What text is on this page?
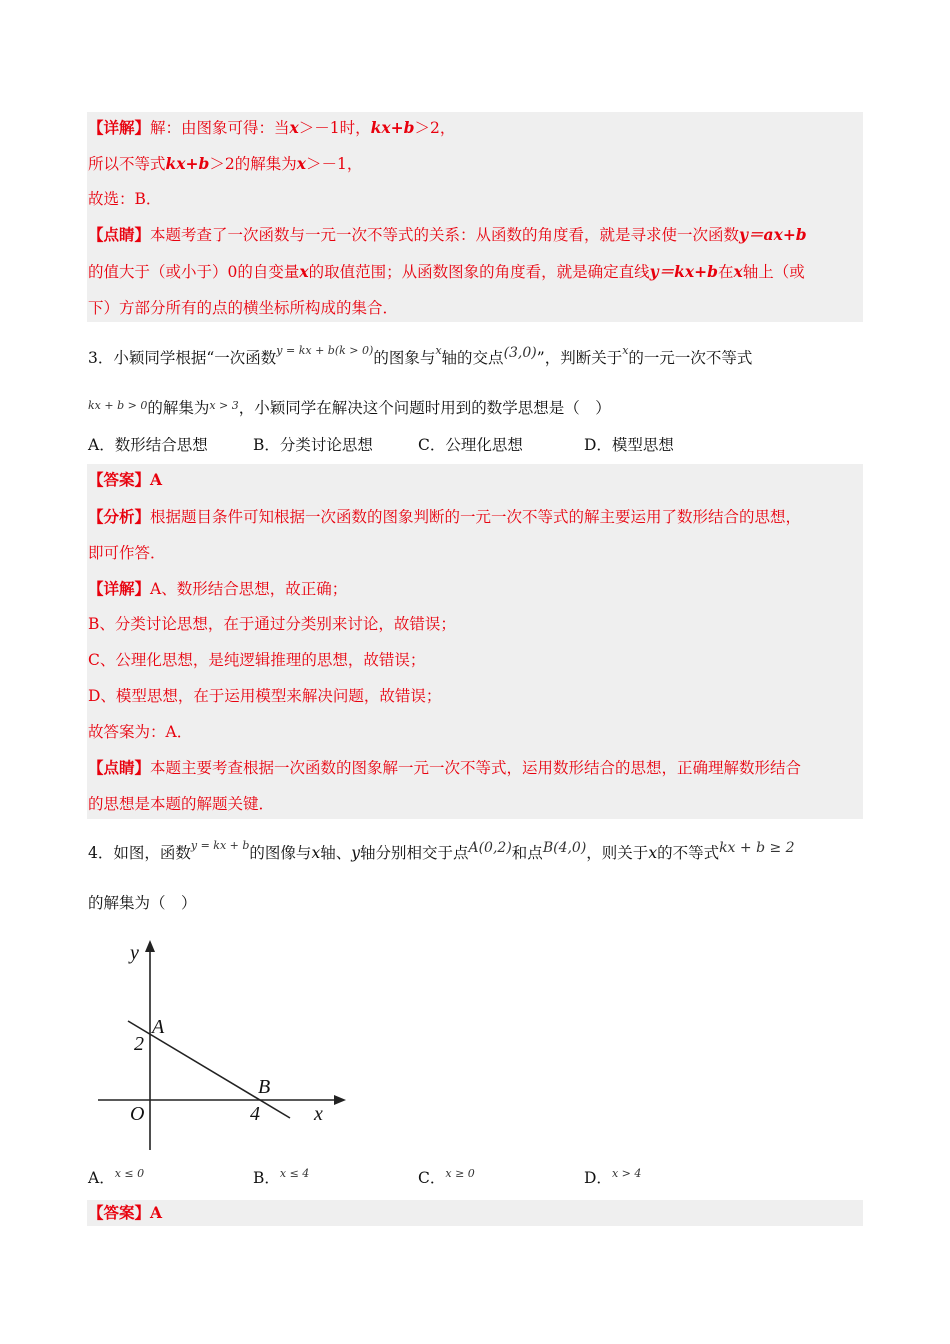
【详解】解：由图象可得：当x＞－1时，kx+b＞2，
所以不等式kx+b＞2的解集为x＞－1，
故选：B．
【点睛】本题考查了一次函数与一元一次不等式的关系：从函数的角度看，就是寻求使一次函数y＝ax+b
的值大于（或小于）0的自变量x的取值范围；从函数图象的角度看，就是确定直线y＝kx+b在x轴上（或
下）方部分所有的点的横坐标所构成的集合．
3．小颖同学根据“一次函数$^{y = kx + b(k > 0)}$的图象与$^x$轴的交点(3,0)”，判断关于$^x$的一元一次不等式
$^{kx + b > 0}$的解集为$^{x > 3}$，小颖同学在解决这个问题时用到的数学思想是（　）
A．数形结合思想	B．分类讨论思想	C．公理化思想	D．模型思想
【答案】A
【分析】根据题目条件可知根据一次函数的图象判断的一元一次不等式的解主要运用了数形结合的思想，
即可作答．
【详解】A、数形结合思想，故正确；
B、分类讨论思想，在于通过分类别来讨论，故错误；
C、公理化思想，是纯逻辑推理的思想，故错误；
D、模型思想，在于运用模型来解决问题，故错误；
故答案为：A．
【点睛】本题主要考查根据一次函数的图象解一元一次不等式，运用数形结合的思想，正确理解数形结合
的思想是本题的解题关键．
4．如图，函数$^{y = kx + b}$的图像与x轴、y轴分别相交于点A(0,2)和点B(4,0)，则关于x的不等式kx + b ≥ 2
的解集为（　）
y
x
O
A
B
2
4
A．$^{x \le 0}$	B．$^{x \le 4}$	C．$^{x \ge 0}$	D．$^{x > 4}$
【答案】A
